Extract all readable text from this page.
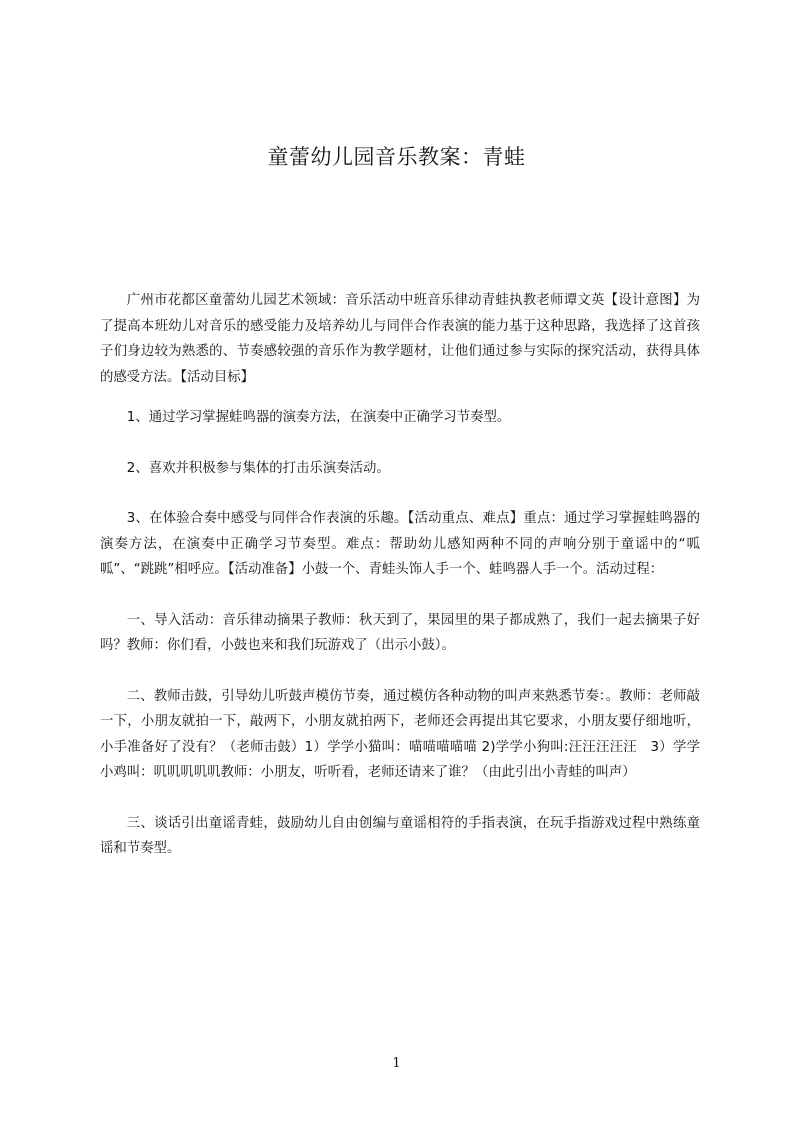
童蕾幼儿园音乐教案：青蛙

广州市花都区童蕾幼儿园艺术领域：音乐活动中班音乐律动青蛙执教老师谭文英【设计意图】为了提高本班幼儿对音乐的感受能力及培养幼儿与同伴合作表演的能力基于这种思路，我选择了这首孩子们身边较为熟悉的、节奏感较强的音乐作为教学题材，让他们通过参与实际的探究活动，获得具体的感受方法。【活动目标】

1、通过学习掌握蛙鸣器的演奏方法，在演奏中正确学习节奏型。

2、喜欢并积极参与集体的打击乐演奏活动。

3、在体验合奏中感受与同伴合作表演的乐趣。【活动重点、难点】重点：通过学习掌握蛙鸣器的演奏方法，在演奏中正确学习节奏型。难点：帮助幼儿感知两种不同的声响分别于童谣中的“呱呱”、“跳跳”相呼应。【活动准备】小鼓一个、青蛙头饰人手一个、蛙鸣器人手一个。活动过程：

一、导入活动：音乐律动摘果子教师：秋天到了，果园里的果子都成熟了，我们一起去摘果子好吗？教师：你们看，小鼓也来和我们玩游戏了（出示小鼓）。

二、教师击鼓，引导幼儿听鼓声模仿节奏，通过模仿各种动物的叫声来熟悉节奏：。教师：老师敲一下，小朋友就拍一下，敲两下，小朋友就拍两下，老师还会再提出其它要求，小朋友要仔细地听，小手准备好了没有？（老师击鼓）1）学学小猫叫：喵喵喵喵喵 2)学学小狗叫:汪汪汪汪汪　3）学学小鸡叫：叽叽叽叽叽教师：小朋友，听听看，老师还请来了谁？（由此引出小青蛙的叫声）

三、谈话引出童谣青蛙，鼓励幼儿自由创编与童谣相符的手指表演，在玩手指游戏过程中熟练童谣和节奏型。

1
